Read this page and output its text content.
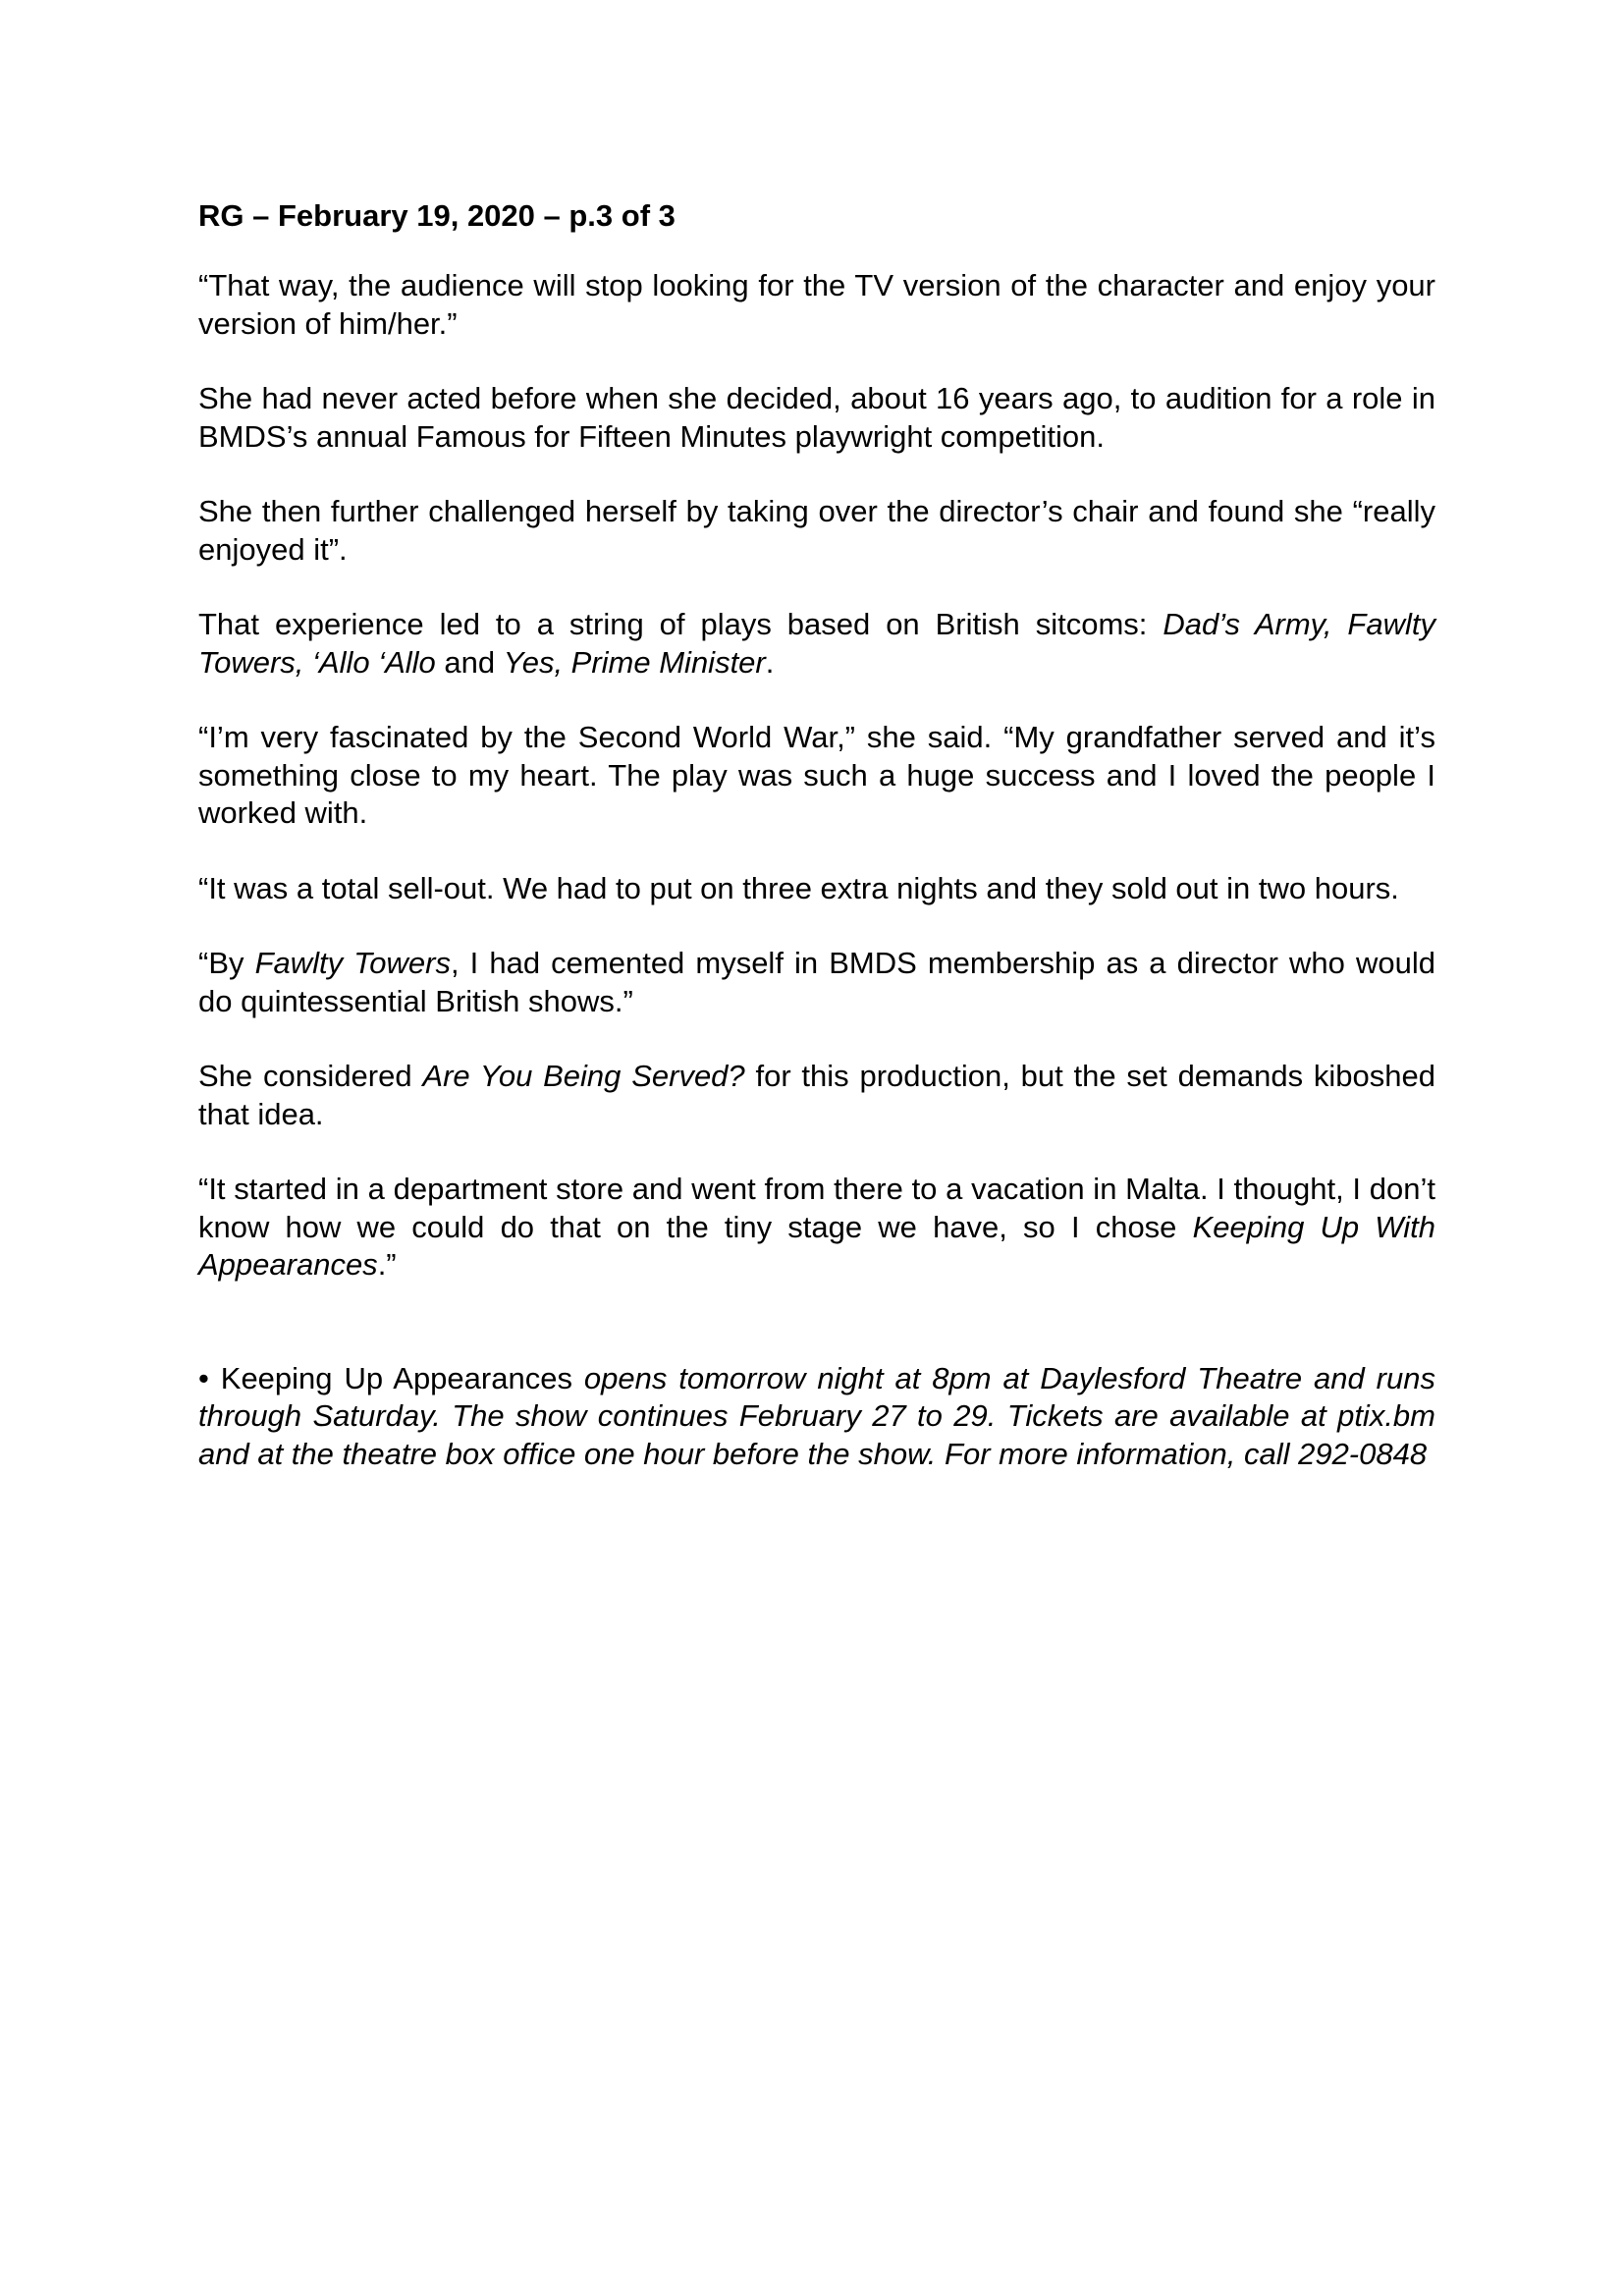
RG – February 19, 2020 – p.3 of 3

“That way, the audience will stop looking for the TV version of the character and enjoy your version of him/her.”

She had never acted before when she decided, about 16 years ago, to audition for a role in BMDS’s annual Famous for Fifteen Minutes playwright competition.

She then further challenged herself by taking over the director’s chair and found she “really enjoyed it”.

That experience led to a string of plays based on British sitcoms: Dad’s Army, Fawlty Towers, ‘Allo ‘Allo and Yes, Prime Minister.

“I’m very fascinated by the Second World War,” she said. “My grandfather served and it’s something close to my heart. The play was such a huge success and I loved the people I worked with.

“It was a total sell-out. We had to put on three extra nights and they sold out in two hours.

“By Fawlty Towers, I had cemented myself in BMDS membership as a director who would do quintessential British shows.”

She considered Are You Being Served? for this production, but the set demands kiboshed that idea.

“It started in a department store and went from there to a vacation in Malta. I thought, I don’t know how we could do that on the tiny stage we have, so I chose Keeping Up With Appearances.”

• Keeping Up Appearances opens tomorrow night at 8pm at Daylesford Theatre and runs through Saturday. The show continues February 27 to 29. Tickets are available at ptix.bm and at the theatre box office one hour before the show. For more information, call 292-0848
